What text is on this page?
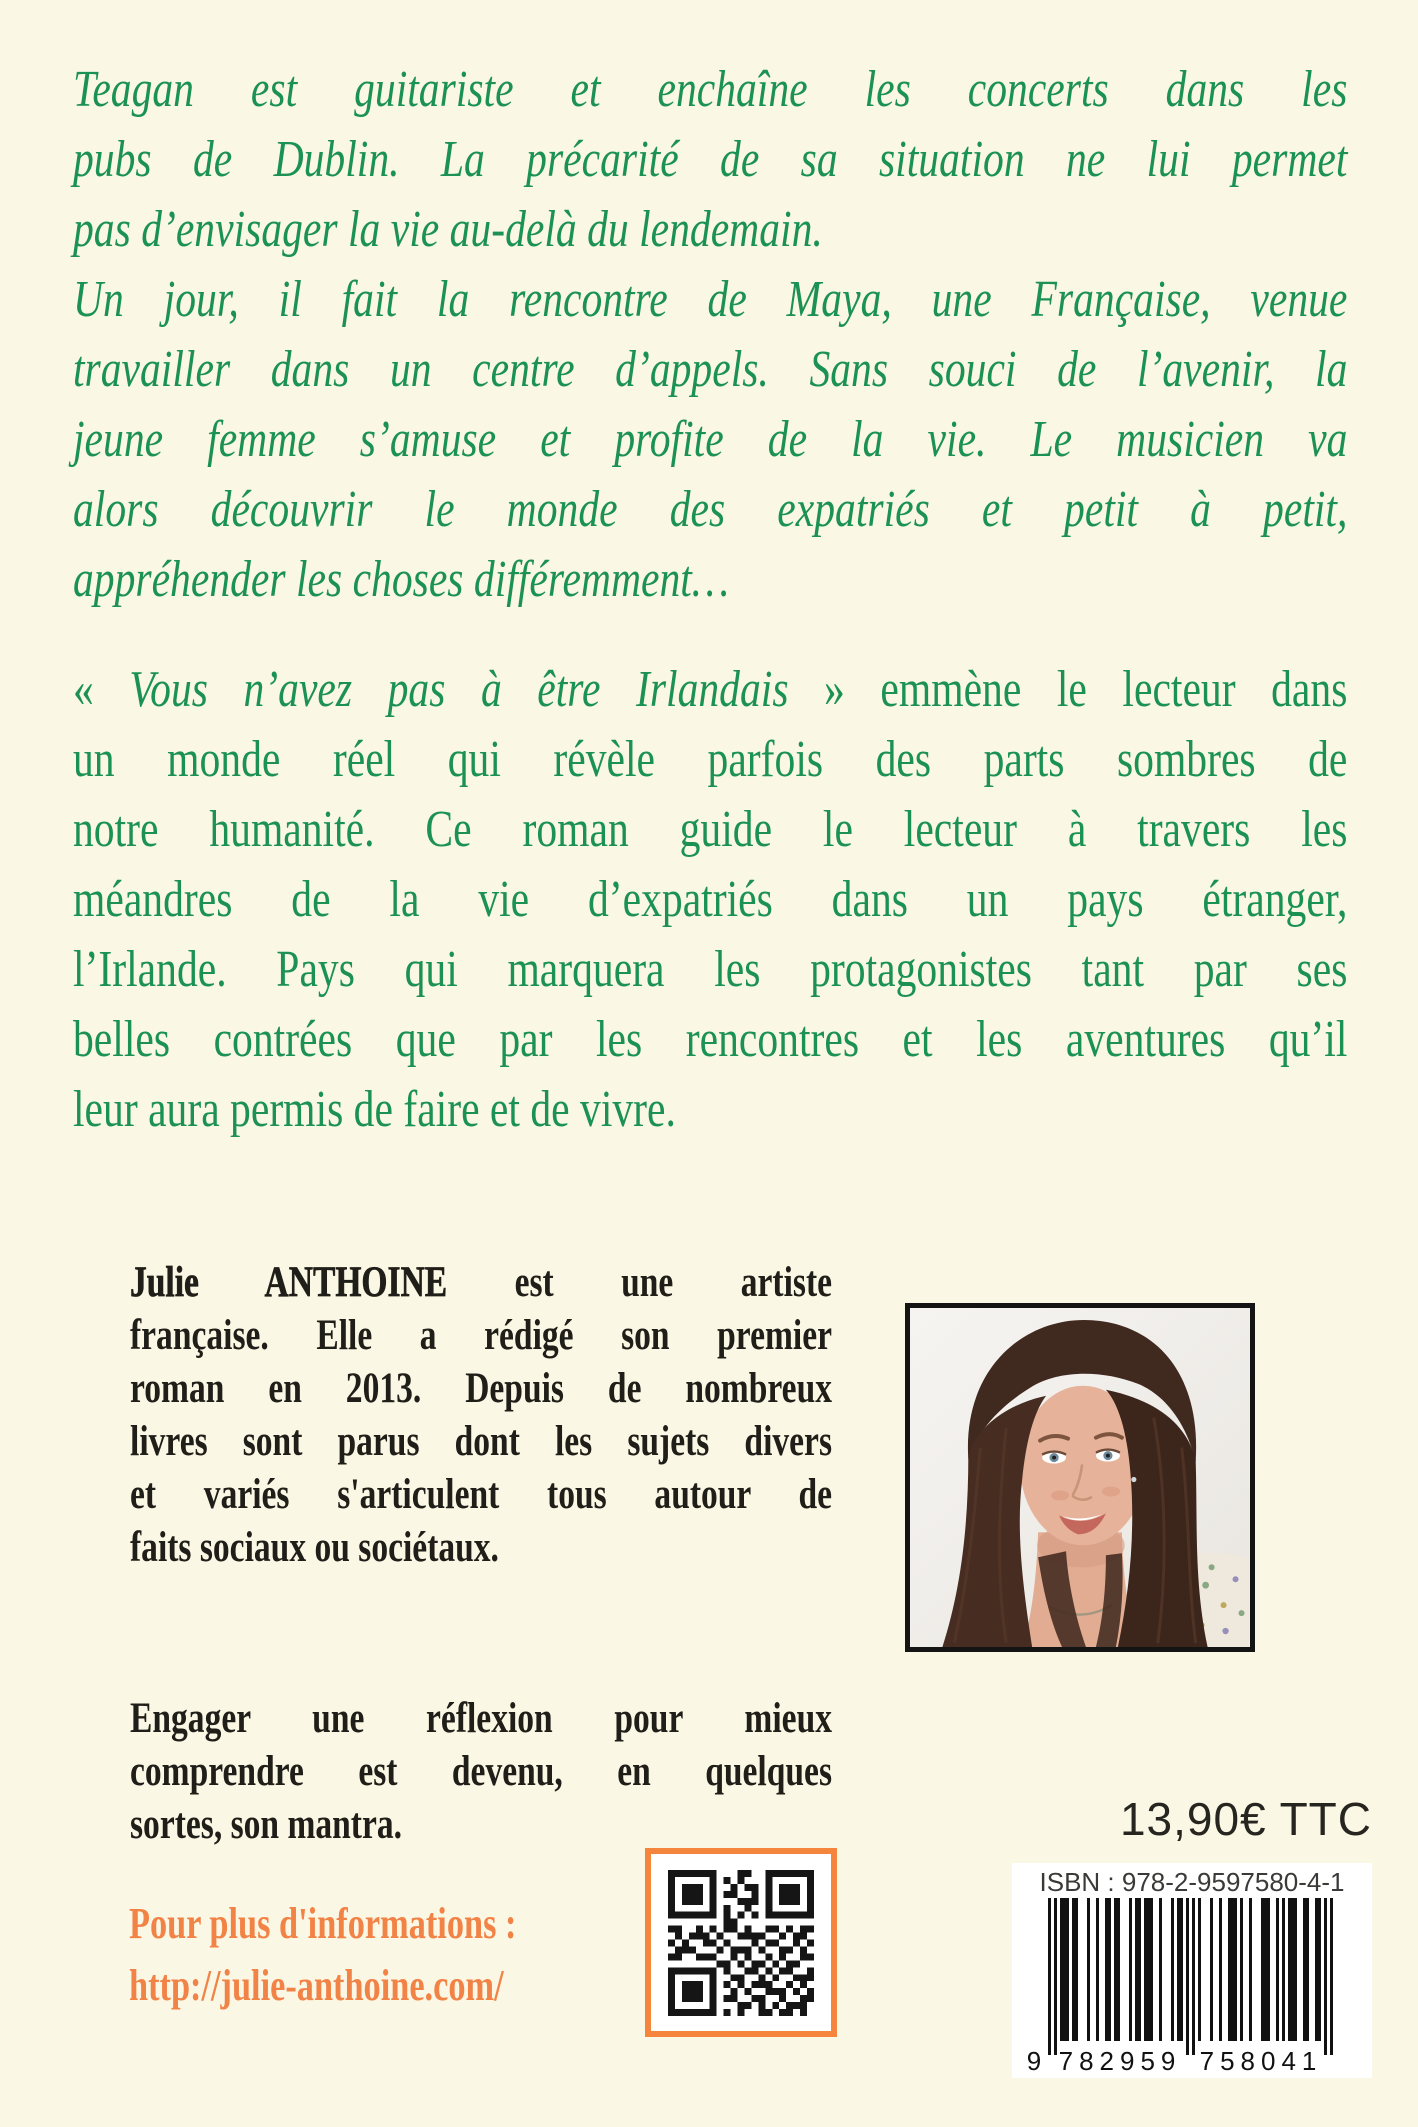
Teagan est guitariste et enchaîne les concerts dans les
pubs de Dublin. La précarité de sa situation ne lui permet
pas d’envisager la vie au-delà du lendemain.
Un jour, il fait la rencontre de Maya, une Française, venue
travailler dans un centre d’appels. Sans souci de l’avenir, la
jeune femme s’amuse et profite de la vie. Le musicien va
alors découvrir le monde des expatriés et petit à petit,
appréhender les choses différemment…
« Vous n’avez pas à être Irlandais » emmène le lecteur dans
un monde réel qui révèle parfois des parts sombres de
notre humanité. Ce roman guide le lecteur à travers les
méandres de la vie d’expatriés dans un pays étranger,
l’Irlande. Pays qui marquera les protagonistes tant par ses
belles contrées que par les rencontres et les aventures qu’il
leur aura permis de faire et de vivre.
Julie ANTHOINE est une artiste
française. Elle a rédigé son premier
roman en 2013. Depuis de nombreux
livres sont parus dont les sujets divers
et variés s'articulent tous autour de
faits sociaux ou sociétaux.
Engager une réflexion pour mieux
comprendre est devenu, en quelques
sortes, son mantra.	13,90€ TTC
ISBN : 978-2-9597580-4-1
9 782959 758041
Pour plus d'informations :
http://julie-anthoine.com/
